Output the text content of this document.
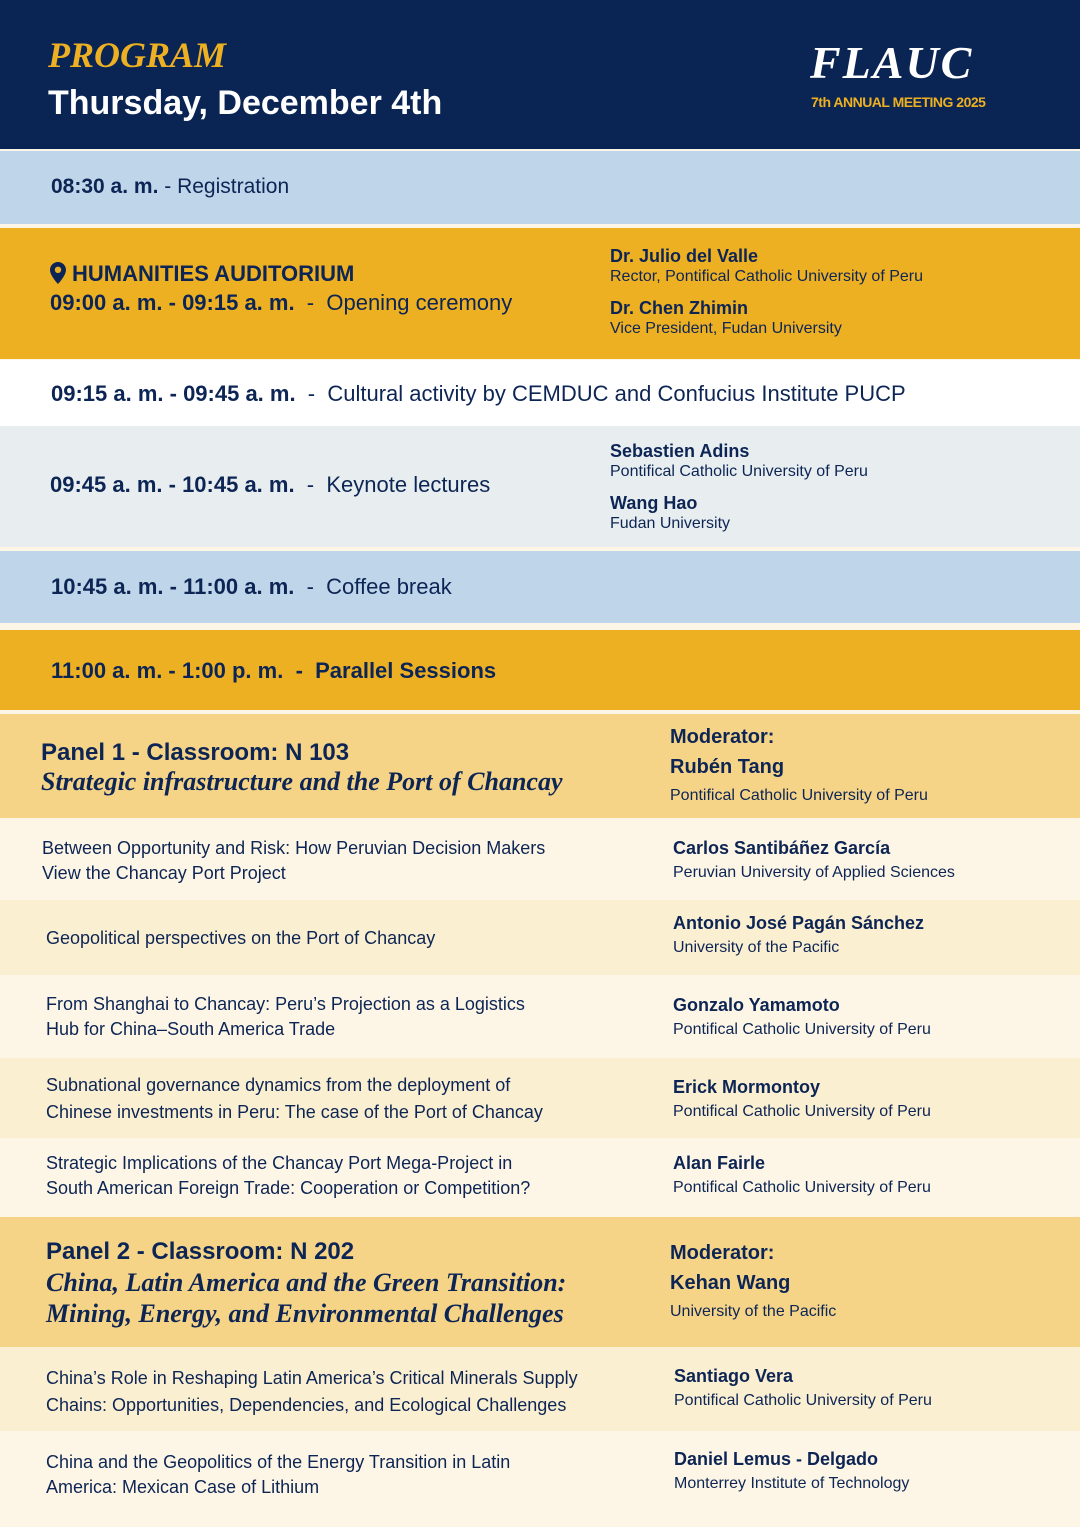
PROGRAM
Thursday, December 4th
FLAUC
7th ANNUAL MEETING 2025
08:30 a. m. - Registration
HUMANITIES AUDITORIUM
09:00 a. m. - 09:15 a. m.  -  Opening ceremony
Dr. Julio del Valle
Rector, Pontifical Catholic University of Peru
Dr. Chen Zhimin
Vice President, Fudan University
09:15 a. m. - 09:45 a. m.  -  Cultural activity by CEMDUC and Confucius Institute PUCP
09:45 a. m. - 10:45 a. m.  -  Keynote lectures
Sebastien Adins
Pontifical Catholic University of Peru
Wang Hao
Fudan University
10:45 a. m. - 11:00 a. m.  -  Coffee break
11:00 a. m. - 1:00 p. m.  -  Parallel Sessions
Panel 1 - Classroom: N 103
Strategic infrastructure and the Port of Chancay
Moderator:
Rubén Tang
Pontifical Catholic University of Peru
Between Opportunity and Risk: How Peruvian Decision Makers
View the Chancay Port Project
Carlos Santibáñez García
Peruvian University of Applied Sciences
Geopolitical perspectives on the Port of Chancay
Antonio José Pagán Sánchez
University of the Pacific
From Shanghai to Chancay: Peru’s Projection as a Logistics
Hub for China–South America Trade
Gonzalo Yamamoto
Pontifical Catholic University of Peru
Subnational governance dynamics from the deployment of
Chinese investments in Peru: The case of the Port of Chancay
Erick Mormontoy
Pontifical Catholic University of Peru
Strategic Implications of the Chancay Port Mega-Project in
South American Foreign Trade: Cooperation or Competition?
Alan Fairle
Pontifical Catholic University of Peru
Panel 2 - Classroom: N 202
China, Latin America and the Green Transition:
Mining, Energy, and Environmental Challenges
Moderator:
Kehan Wang
University of the Pacific
China’s Role in Reshaping Latin America’s Critical Minerals Supply
Chains: Opportunities, Dependencies, and Ecological Challenges
Santiago Vera
Pontifical Catholic University of Peru
China and the Geopolitics of the Energy Transition in Latin
America: Mexican Case of Lithium
Daniel Lemus - Delgado
Monterrey Institute of Technology
